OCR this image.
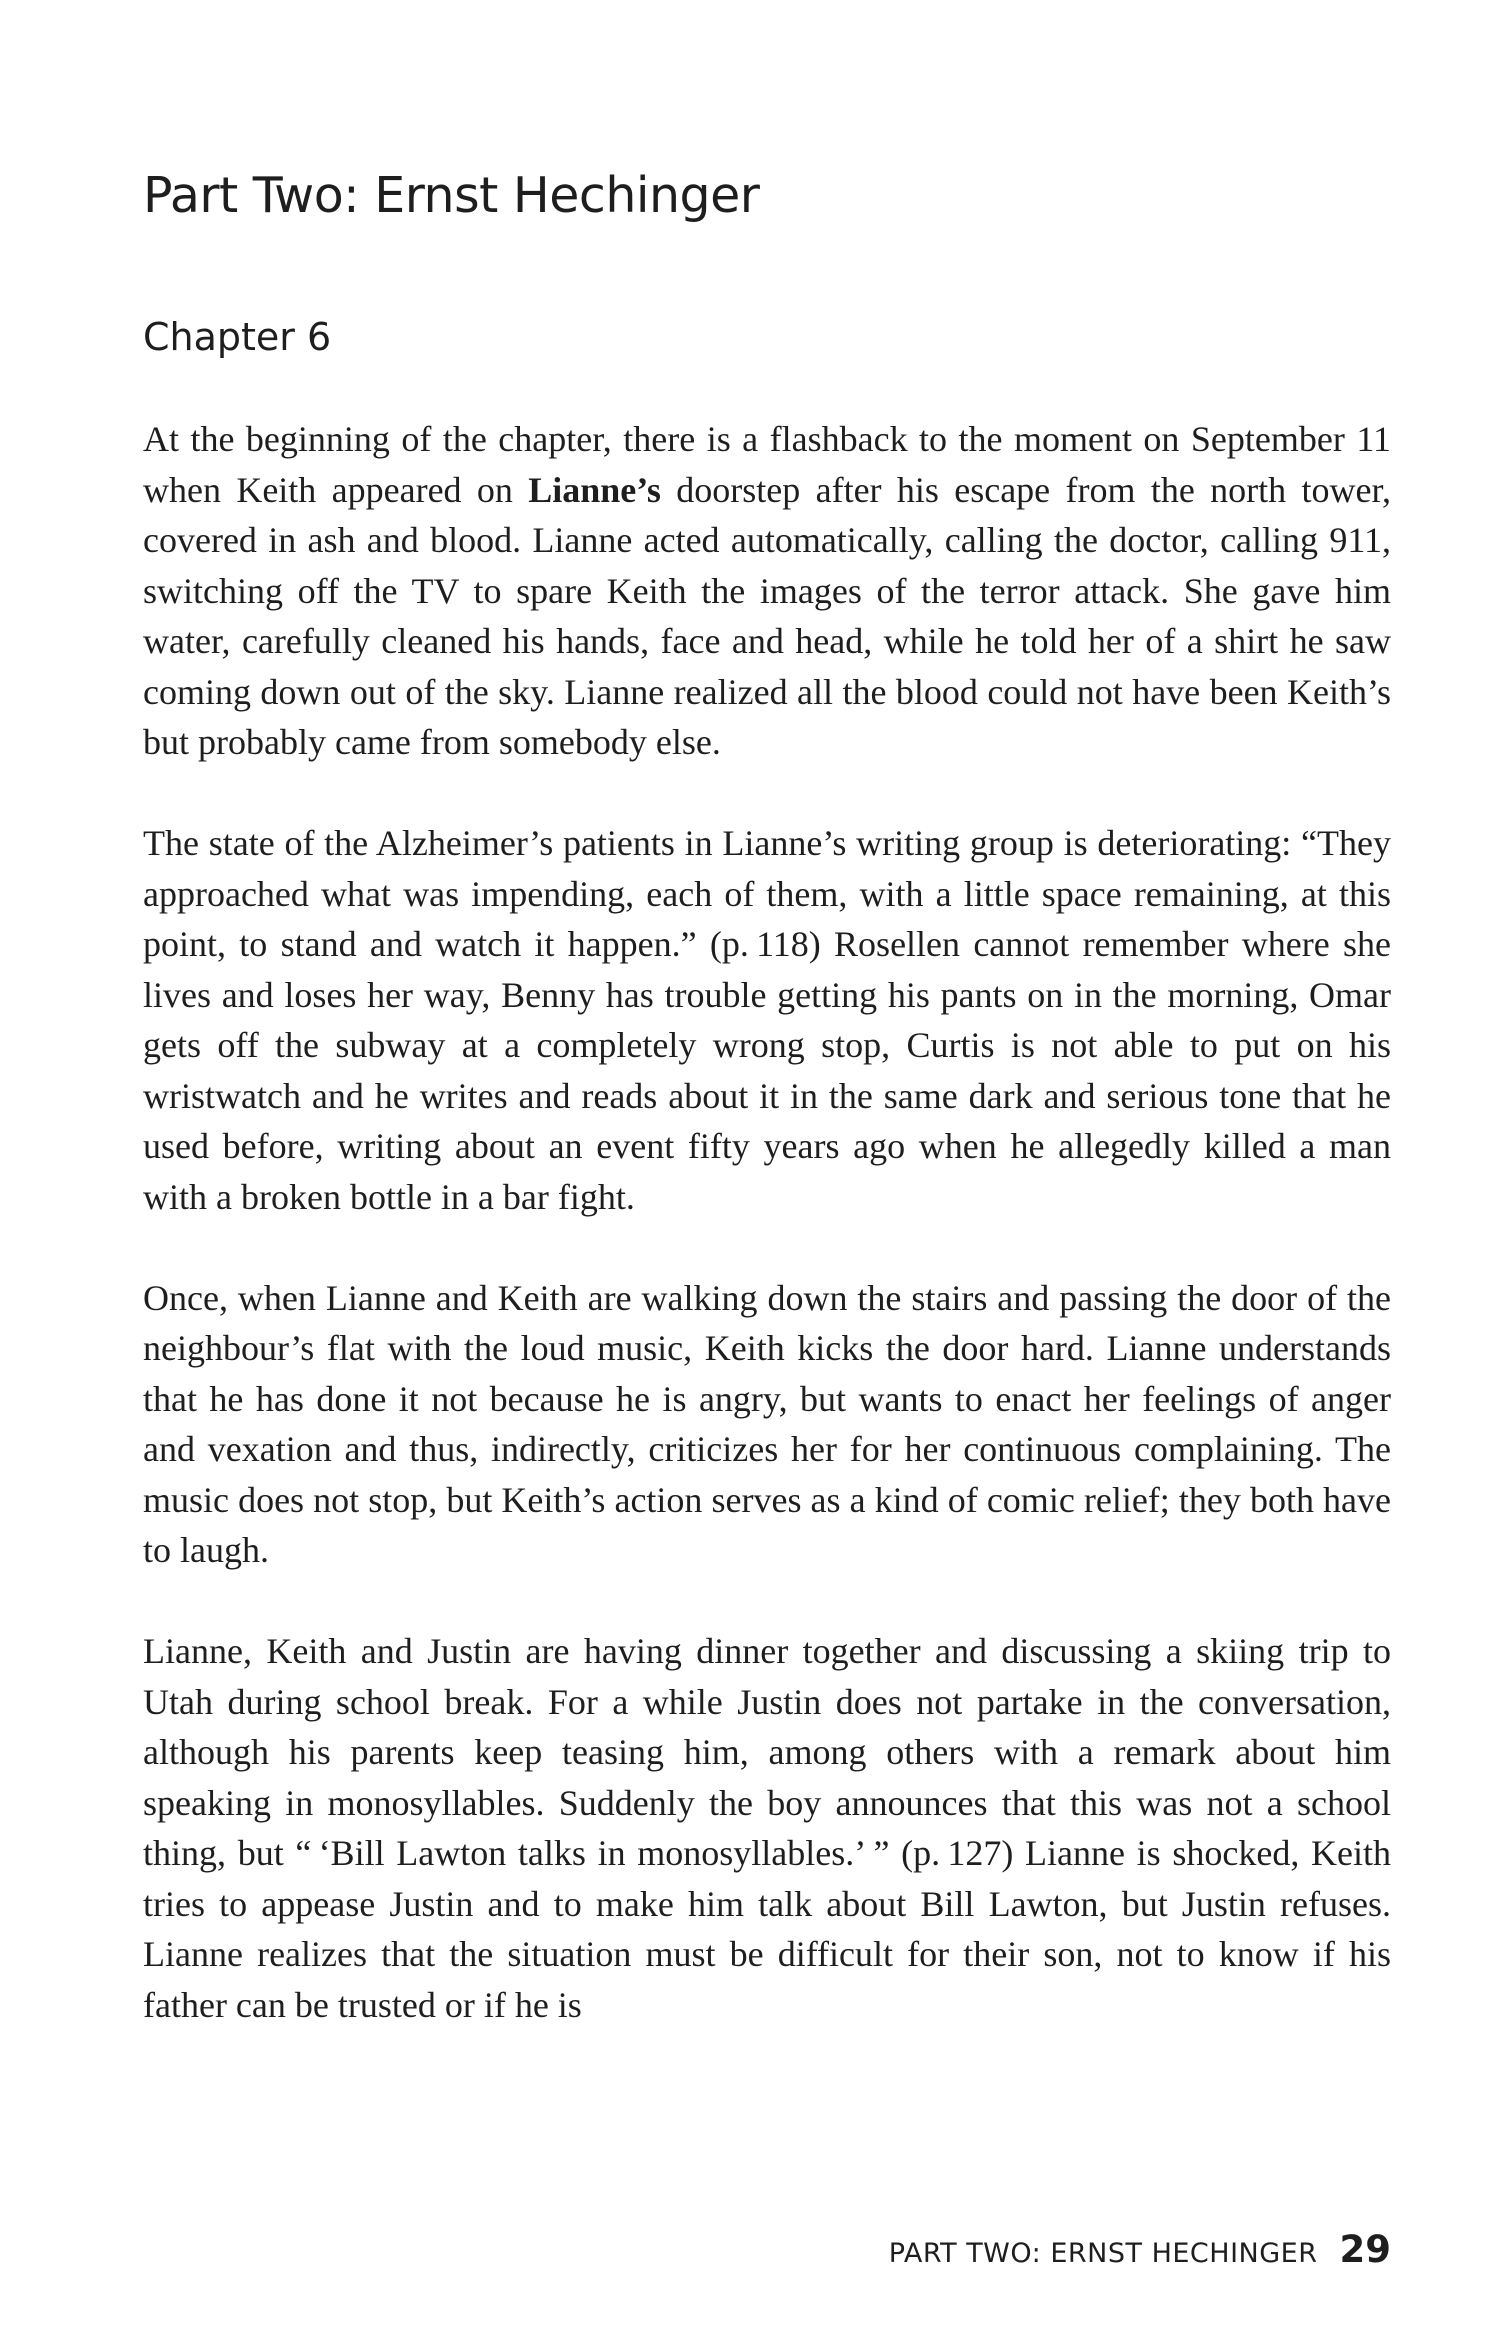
Part Two: Ernst Hechinger
Chapter 6

At the beginning of the chapter, there is a flashback to the moment on September 11 when Keith appeared on Lianne’s doorstep after his escape from the north tower, covered in ash and blood. Lianne acted automatically, calling the doctor, calling 911, switching off the TV to spare Keith the images of the terror attack. She gave him water, carefully cleaned his hands, face and head, while he told her of a shirt he saw coming down out of the sky. Lianne realized all the blood could not have been Keith’s but probably came from somebody else.

The state of the Alzheimer’s patients in Lianne’s writing group is deteriorating: “They approached what was impending, each of them, with a little space remaining, at this point, to stand and watch it happen.” (p. 118) Rosellen cannot remember where she lives and loses her way, Benny has trouble getting his pants on in the morning, Omar gets off the subway at a completely wrong stop, Curtis is not able to put on his wristwatch and he writes and reads about it in the same dark and serious tone that he used before, writing about an event fifty years ago when he allegedly killed a man with a broken bottle in a bar fight.

Once, when Lianne and Keith are walking down the stairs and passing the door of the neighbour’s flat with the loud music, Keith kicks the door hard. Lianne understands that he has done it not because he is angry, but wants to enact her feelings of anger and vexation and thus, indirectly, criticizes her for her continuous complaining. The music does not stop, but Keith’s action serves as a kind of comic relief; they both have to laugh.

Lianne, Keith and Justin are having dinner together and discussing a skiing trip to Utah during school break. For a while Justin does not partake in the conversation, although his parents keep teasing him, among others with a remark about him speaking in monosyllables. Suddenly the boy announces that this was not a school thing, but “ ‘Bill Lawton talks in monosyllables.’ ” (p. 127) Lianne is shocked, Keith tries to appease Justin and to make him talk about Bill Lawton, but Justin refuses. Lianne realizes that the situation must be difficult for their son, not to know if his father can be trusted or if he is

PART TWO: ERNST HECHINGER 29
